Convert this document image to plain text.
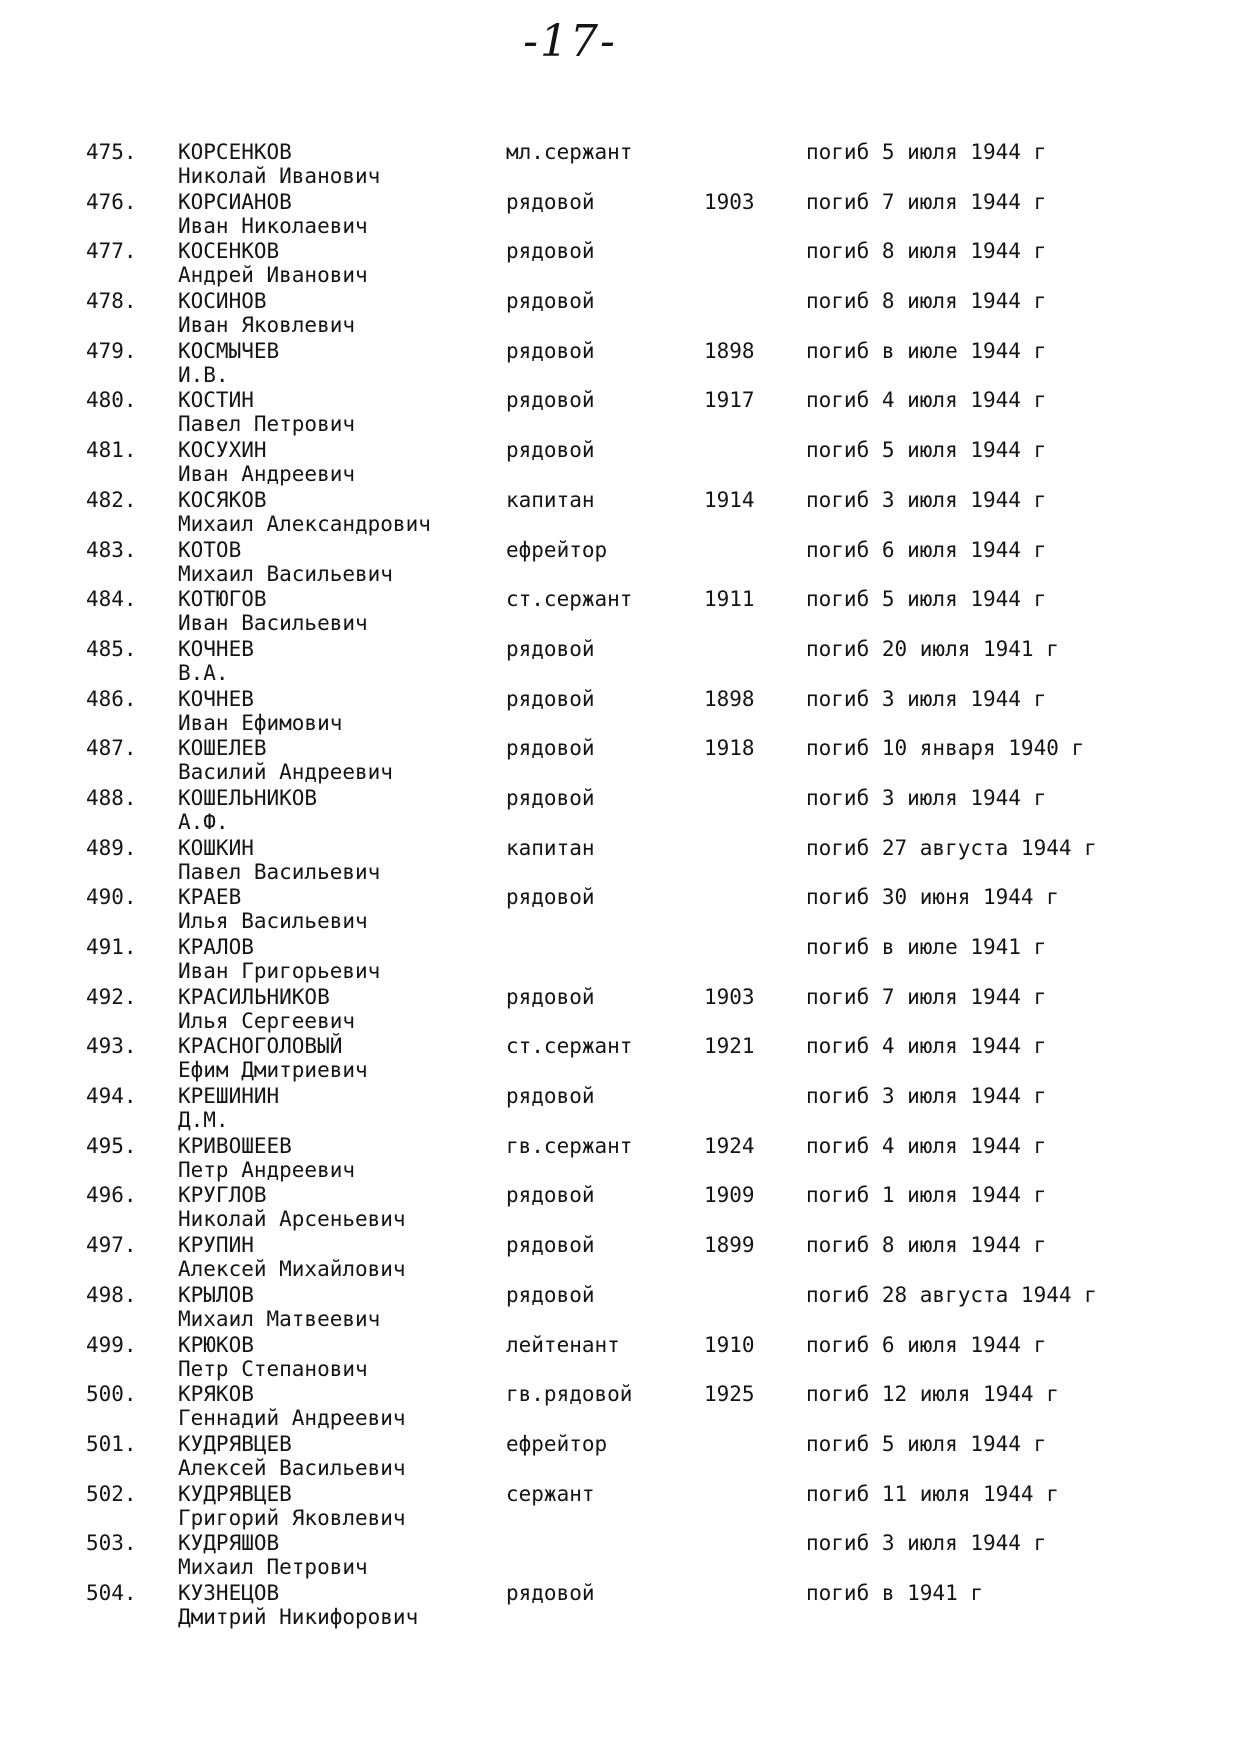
-17-
475. КОРСЕНКОВ	мл.сержант	погиб 5 июля 1944 г
Николай Иванович
476. КОРСИАНОВ	рядовой	1903 погиб 7 июля 1944 г
Иван Николаевич
477. КОСЕНКОВ	рядовой	погиб 8 июля 1944 г
Андрей Иванович
478. КОСИНОВ	рядовой	погиб 8 июля 1944 г
Иван Яковлевич
479. КОСМЫЧЕВ	рядовой	1898 погиб в июле 1944 г
И.В.
480. КОСТИН	рядовой	1917 погиб 4 июля 1944 г
Павел Петрович
481. КОСУХИН	рядовой	погиб 5 июля 1944 г
Иван Андреевич
482. КОСЯКОВ	капитан	1914 погиб 3 июля 1944 г
Михаил Александрович
483. КОТОВ	ефрейтор	погиб 6 июля 1944 г
Михаил Васильевич
484. КОТЮГОВ	ст.сержант	1911 погиб 5 июля 1944 г
Иван Васильевич
485. КОЧНЕВ	рядовой	погиб 20 июля 1941 г
В.А.
486. КОЧНЕВ	рядовой	1898 погиб 3 июля 1944 г
Иван Ефимович
487. КОШЕЛЕВ	рядовой	1918 погиб 10 января 1940 г
Василий Андреевич
488. КОШЕЛЬНИКОВ	рядовой	погиб 3 июля 1944 г
А.Ф.
489. КОШКИН	капитан	погиб 27 августа 1944 г
Павел Васильевич
490. КРАЕВ	рядовой	погиб 30 июня 1944 г
Илья Васильевич
491. КРАЛОВ	погиб в июле 1941 г
Иван Григорьевич
492. КРАСИЛЬНИКОВ	рядовой	1903 погиб 7 июля 1944 г
Илья Сергеевич
493. КРАСНОГОЛОВЫЙ	ст.сержант	1921 погиб 4 июля 1944 г
Ефим Дмитриевич
494. КРЕШИНИН	рядовой	погиб 3 июля 1944 г
Д.М.
495. КРИВОШЕЕВ	гв.сержант	1924 погиб 4 июля 1944 г
Петр Андреевич
496. КРУГЛОВ	рядовой	1909 погиб 1 июля 1944 г
Николай Арсеньевич
497. КРУПИН	рядовой	1899 погиб 8 июля 1944 г
Алексей Михайлович
498. КРЫЛОВ	рядовой	погиб 28 августа 1944 г
Михаил Матвеевич
499. КРЮКОВ	лейтенант	1910 погиб 6 июля 1944 г
Петр Степанович
500. КРЯКОВ	гв.рядовой	1925 погиб 12 июля 1944 г
Геннадий Андреевич
501. КУДРЯВЦЕВ	ефрейтор	погиб 5 июля 1944 г
Алексей Васильевич
502. КУДРЯВЦЕВ	сержант	погиб 11 июля 1944 г
Григорий Яковлевич
503. КУДРЯШОВ	погиб 3 июля 1944 г
Михаил Петрович
504. КУЗНЕЦОВ	рядовой	погиб в 1941 г
Дмитрий Никифорович
